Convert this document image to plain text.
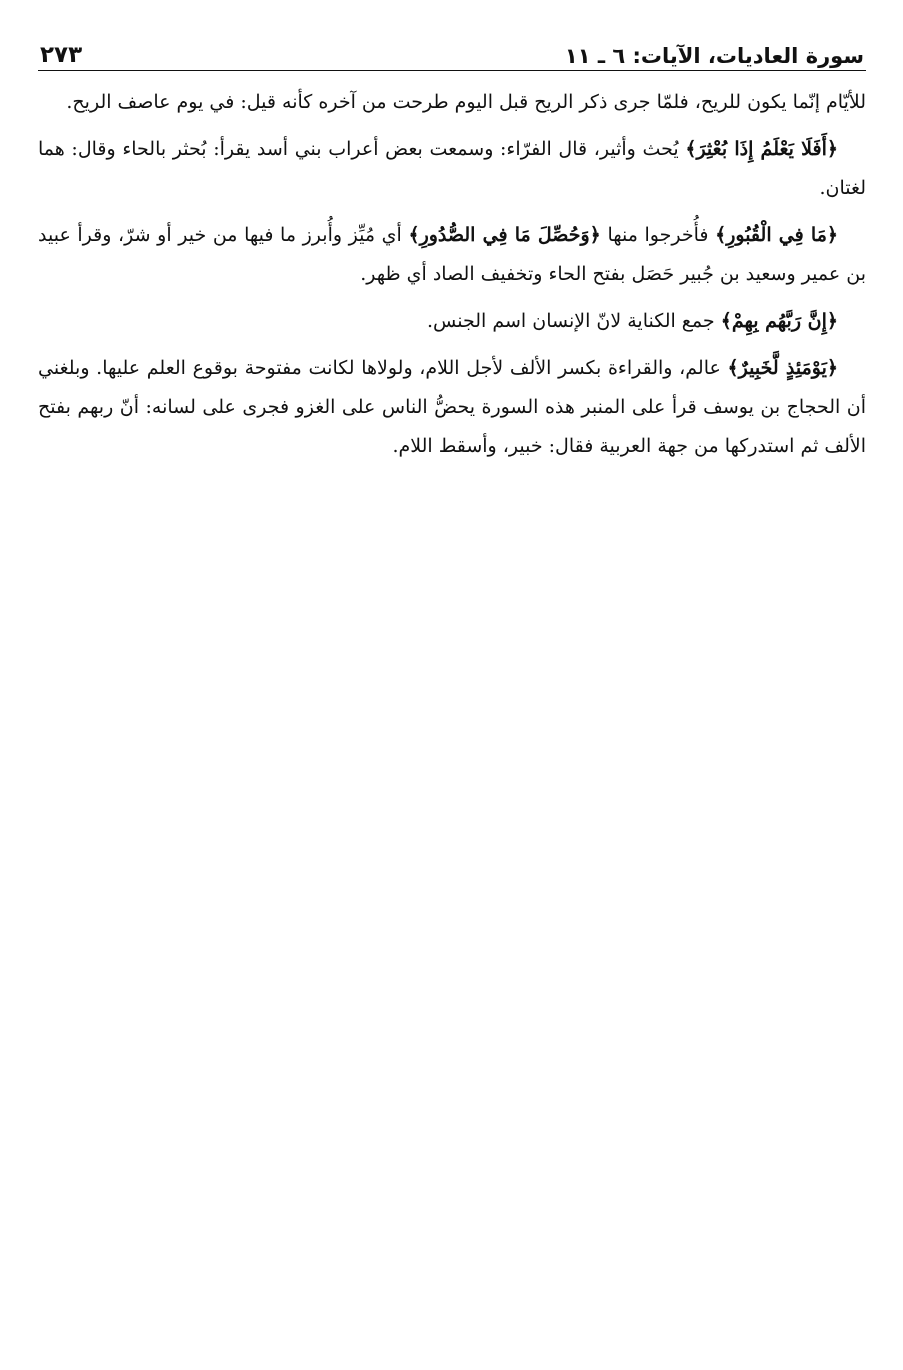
سورة العاديات، الآيات: ٦ ـ ١١
٢٧٣

للأيّام إنّما يكون للريح، فلمّا جرى ذكر الريح قبل اليوم طرحت من آخره كأنه قيل: في يوم عاصف الريح.

﴿أَفَلَا يَعْلَمُ إِذَا بُعْثِرَ﴾ يُحث وأثير، قال الفرّاء: وسمعت بعض أعراب بني أسد يقرأ: بُحثر بالحاء وقال: هما لغتان.

﴿مَا فِي الْقُبُورِ﴾ فأُخرجوا منها ﴿وَحُصِّلَ مَا فِي الصُّدُورِ﴾ أي مُيِّز وأُبرز ما فيها من خير أو شرّ، وقرأ عبيد بن عمير وسعيد بن جُبير حَصَل بفتح الحاء وتخفيف الصاد أي ظهر.

﴿إِنَّ رَبَّهُم بِهِمْ﴾ جمع الكناية لانّ الإنسان اسم الجنس.

﴿يَوْمَئِذٍ لَّخَبِيرٌ﴾ عالم، والقراءة بكسر الألف لأجل اللام، ولولاها لكانت مفتوحة بوقوع العلم عليها. وبلغني أن الحجاج بن يوسف قرأ على المنبر هذه السورة يحضُّ الناس على الغزو فجرى على لسانه: أنّ ربهم بفتح الألف ثم استدركها من جهة العربية فقال: خبير، وأسقط اللام.
